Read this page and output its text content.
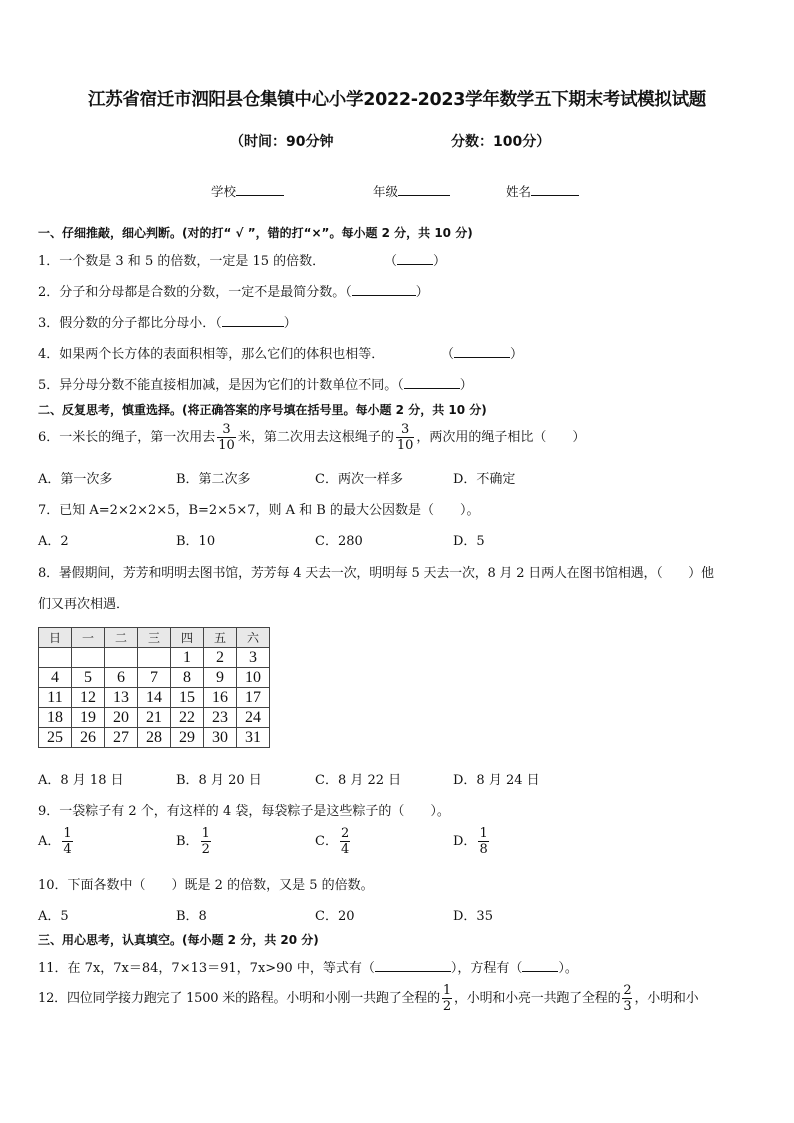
江苏省宿迁市泗阳县仓集镇中心小学2022-2023学年数学五下期末考试模拟试题
（时间：90分钟	分数：100分）
学校	年级	姓名
一、仔细推敲，细心判断。(对的打“ √ ”，错的打“×”。每小题 2 分，共 10 分)
1．一个数是 3 和 5 的倍数，一定是 15 的倍数．	（	）
2．分子和分母都是合数的分数，一定不是最简分数。（	）
3．假分数的分子都比分母小．（	）
4．如果两个长方体的表面积相等，那么它们的体积也相等．	（	）
5．异分母分数不能直接相加减，是因为它们的计数单位不同。（	）
二、反复思考，慎重选择。(将正确答案的序号填在括号里。每小题 2 分，共 10 分)
6．一米长的绳子，第一次用去 $\frac{3}{10}$ 米，第二次用去这根绳子的 $\frac{3}{10}$ ，两次用的绳子相比（　　）
A．第一次多	B．第二次多	C．两次一样多	D．不确定
7．已知 A=2×2×2×5，B=2×5×7，则 A 和 B 的最大公因数是（　　）。
A．2	B．10	C．280	D．5
8．暑假期间，芳芳和明明去图书馆，芳芳每 4 天去一次，明明每 5 天去一次，8 月 2 日两人在图书馆相遇，（　　）他
们又再次相遇．
日	一	二	三	四	五	六
				1	2	3
4	5	6	7	8	9	10
11	12	13	14	15	16	17
18	19	20	21	22	23	24
25	26	27	28	29	30	31
A．8 月 18 日	B．8 月 20 日	C．8 月 22 日	D．8 月 24 日
9．一袋粽子有 2 个，有这样的 4 袋，每袋粽子是这些粽子的（　　）。
A． $\frac{1}{4}$	B． $\frac{1}{2}$	C． $\frac{2}{4}$	D． $\frac{1}{8}$
10．下面各数中（　　）既是 2 的倍数，又是 5 的倍数。
A．5	B．8	C．20	D．35
三、用心思考，认真填空。(每小题 2 分，共 20 分)
11．在 7x，7x＝84，7×13＝91，7x>90 中，等式有（	），方程有（	）。
12．四位同学接力跑完了 1500 米的路程。小明和小刚一共跑了全程的 $\frac{1}{2}$ ，小明和小亮一共跑了全程的 $\frac{2}{3}$ ，小明和小
